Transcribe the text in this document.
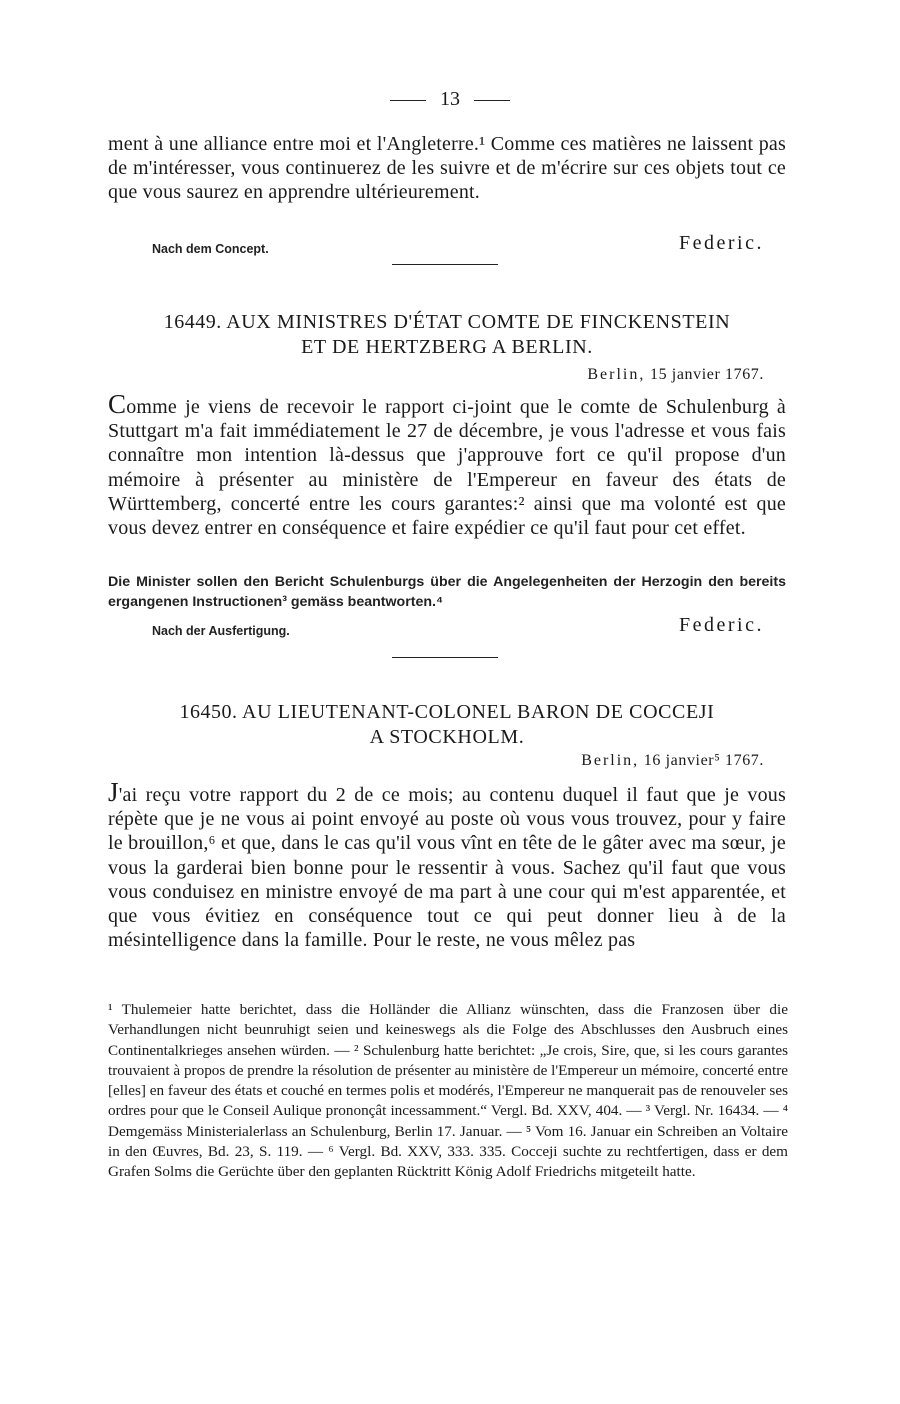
13
ment à une alliance entre moi et l'Angleterre.¹ Comme ces matières ne laissent pas de m'intéresser, vous continuerez de les suivre et de m'écrire sur ces objets tout ce que vous saurez en apprendre ultérieurement.
Nach dem Concept.	Federic.
16449. AUX MINISTRES D'ÉTAT COMTE DE FINCKENSTEIN
ET DE HERTZBERG A BERLIN.
Berlin, 15 janvier 1767.
Comme je viens de recevoir le rapport ci-joint que le comte de Schulenburg à Stuttgart m'a fait immédiatement le 27 de décembre, je vous l'adresse et vous fais connaître mon intention là-dessus que j'approuve fort ce qu'il propose d'un mémoire à présenter au ministère de l'Empereur en faveur des états de Württemberg, concerté entre les cours garantes:² ainsi que ma volonté est que vous devez entrer en conséquence et faire expédier ce qu'il faut pour cet effet.
Die Minister sollen den Bericht Schulenburgs über die Angelegenheiten der Herzogin den bereits ergangenen Instructionen³ gemäss beantworten.⁴
Nach der Ausfertigung.	Federic.
16450. AU LIEUTENANT-COLONEL BARON DE COCCEJI
A STOCKHOLM.
Berlin, 16 janvier⁵ 1767.
J'ai reçu votre rapport du 2 de ce mois; au contenu duquel il faut que je vous répète que je ne vous ai point envoyé au poste où vous vous trouvez, pour y faire le brouillon,⁶ et que, dans le cas qu'il vous vînt en tête de le gâter avec ma sœur, je vous la garderai bien bonne pour le ressentir à vous. Sachez qu'il faut que vous vous conduisez en ministre envoyé de ma part à une cour qui m'est apparentée, et que vous évitiez en conséquence tout ce qui peut donner lieu à de la mésintelligence dans la famille. Pour le reste, ne vous mêlez pas
¹ Thulemeier hatte berichtet, dass die Holländer die Allianz wünschten, dass die Franzosen über die Verhandlungen nicht beunruhigt seien und keineswegs als die Folge des Abschlusses den Ausbruch eines Continentalkrieges ansehen würden. — ² Schulenburg hatte berichtet: „Je crois, Sire, que, si les cours garantes trouvaient à propos de prendre la résolution de présenter au ministère de l'Empereur un mémoire, concerté entre [elles] en faveur des états et couché en termes polis et modérés, l'Empereur ne manquerait pas de renouveler ses ordres pour que le Conseil Aulique prononçât incessamment.“ Vergl. Bd. XXV, 404. — ³ Vergl. Nr. 16434. — ⁴ Demgemäss Ministerialerlass an Schulenburg, Berlin 17. Januar. — ⁵ Vom 16. Januar ein Schreiben an Voltaire in den Œuvres, Bd. 23, S. 119. — ⁶ Vergl. Bd. XXV, 333. 335. Cocceji suchte zu rechtfertigen, dass er dem Grafen Solms die Gerüchte über den geplanten Rücktritt König Adolf Friedrichs mitgeteilt hatte.
